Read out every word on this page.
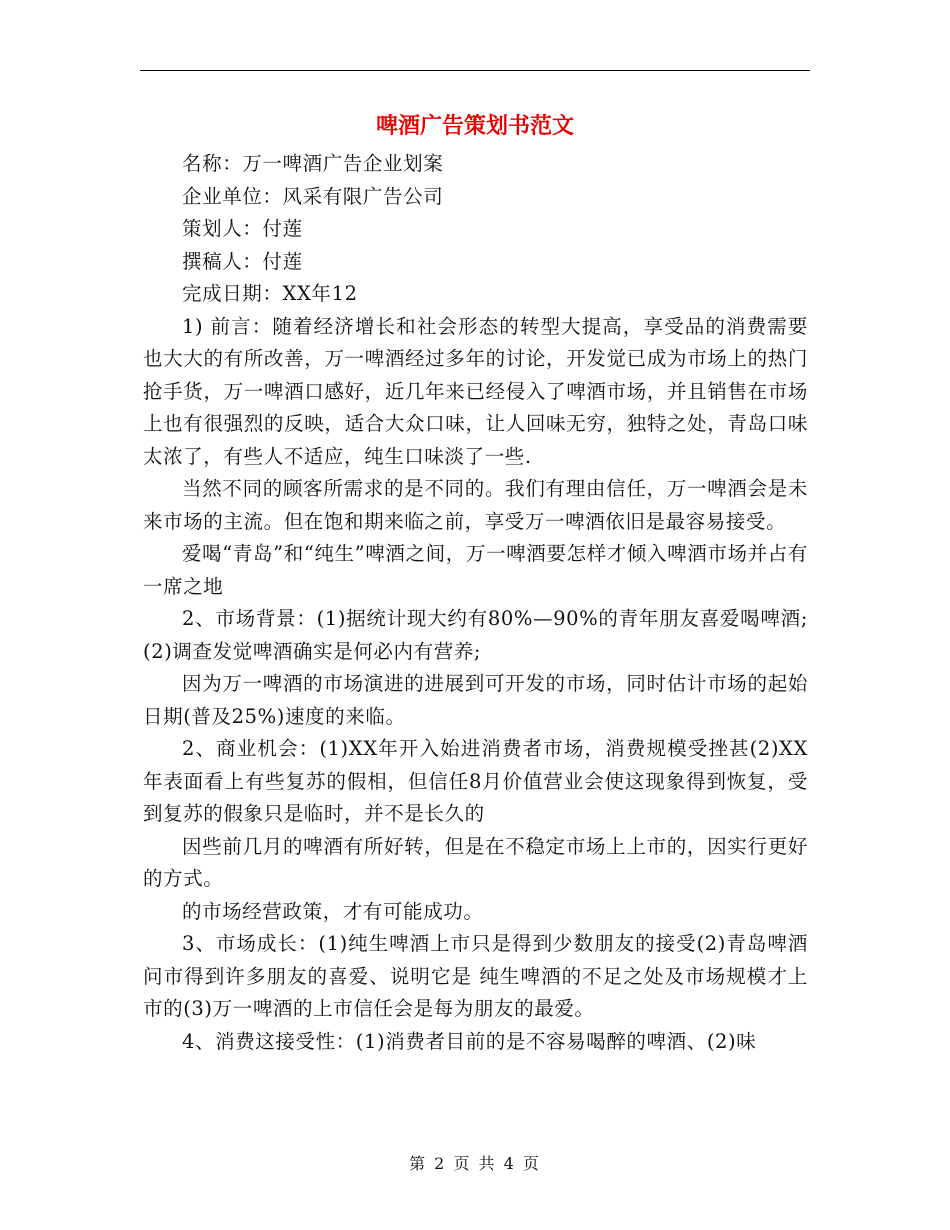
啤酒广告策划书范文

名称：万一啤酒广告企业划案

企业单位：风采有限广告公司

策划人：付莲

撰稿人：付莲

完成日期：XX年12

1) 前言：随着经济增长和社会形态的转型大提高，享受品的消费需要也大大的有所改善，万一啤酒经过多年的讨论，开发觉已成为市场上的热门抢手货，万一啤酒口感好，近几年来已经侵入了啤酒市场，并且销售在市场上也有很强烈的反映，适合大众口味，让人回味无穷，独特之处，青岛口味太浓了，有些人不适应，纯生口味淡了一些.

当然不同的顾客所需求的是不同的。我们有理由信任，万一啤酒会是未来市场的主流。但在饱和期来临之前，享受万一啤酒依旧是最容易接受。

爱喝“青岛”和“纯生”啤酒之间，万一啤酒要怎样才倾入啤酒市场并占有一席之地

2、市场背景：(1)据统计现大约有80%—90%的青年朋友喜爱喝啤酒;(2)调查发觉啤酒确实是何必内有营养;

因为万一啤酒的市场演进的进展到可开发的市场，同时估计市场的起始日期(普及25%)速度的来临。

2、商业机会：(1)XX年开入始进消费者市场，消费规模受挫甚(2)XX年表面看上有些复苏的假相，但信任8月价值营业会使这现象得到恢复，受到复苏的假象只是临时，并不是长久的

因些前几月的啤酒有所好转，但是在不稳定市场上上市的，因实行更好的方式。

的市场经营政策，才有可能成功。

3、市场成长：(1)纯生啤酒上市只是得到少数朋友的接受(2)青岛啤酒问市得到许多朋友的喜爱、说明它是 纯生啤酒的不足之处及市场规模才上市的(3)万一啤酒的上市信任会是每为朋友的最爱。

4、消费这接受性：(1)消费者目前的是不容易喝醉的啤酒、(2)味

第 2 页 共 4 页
